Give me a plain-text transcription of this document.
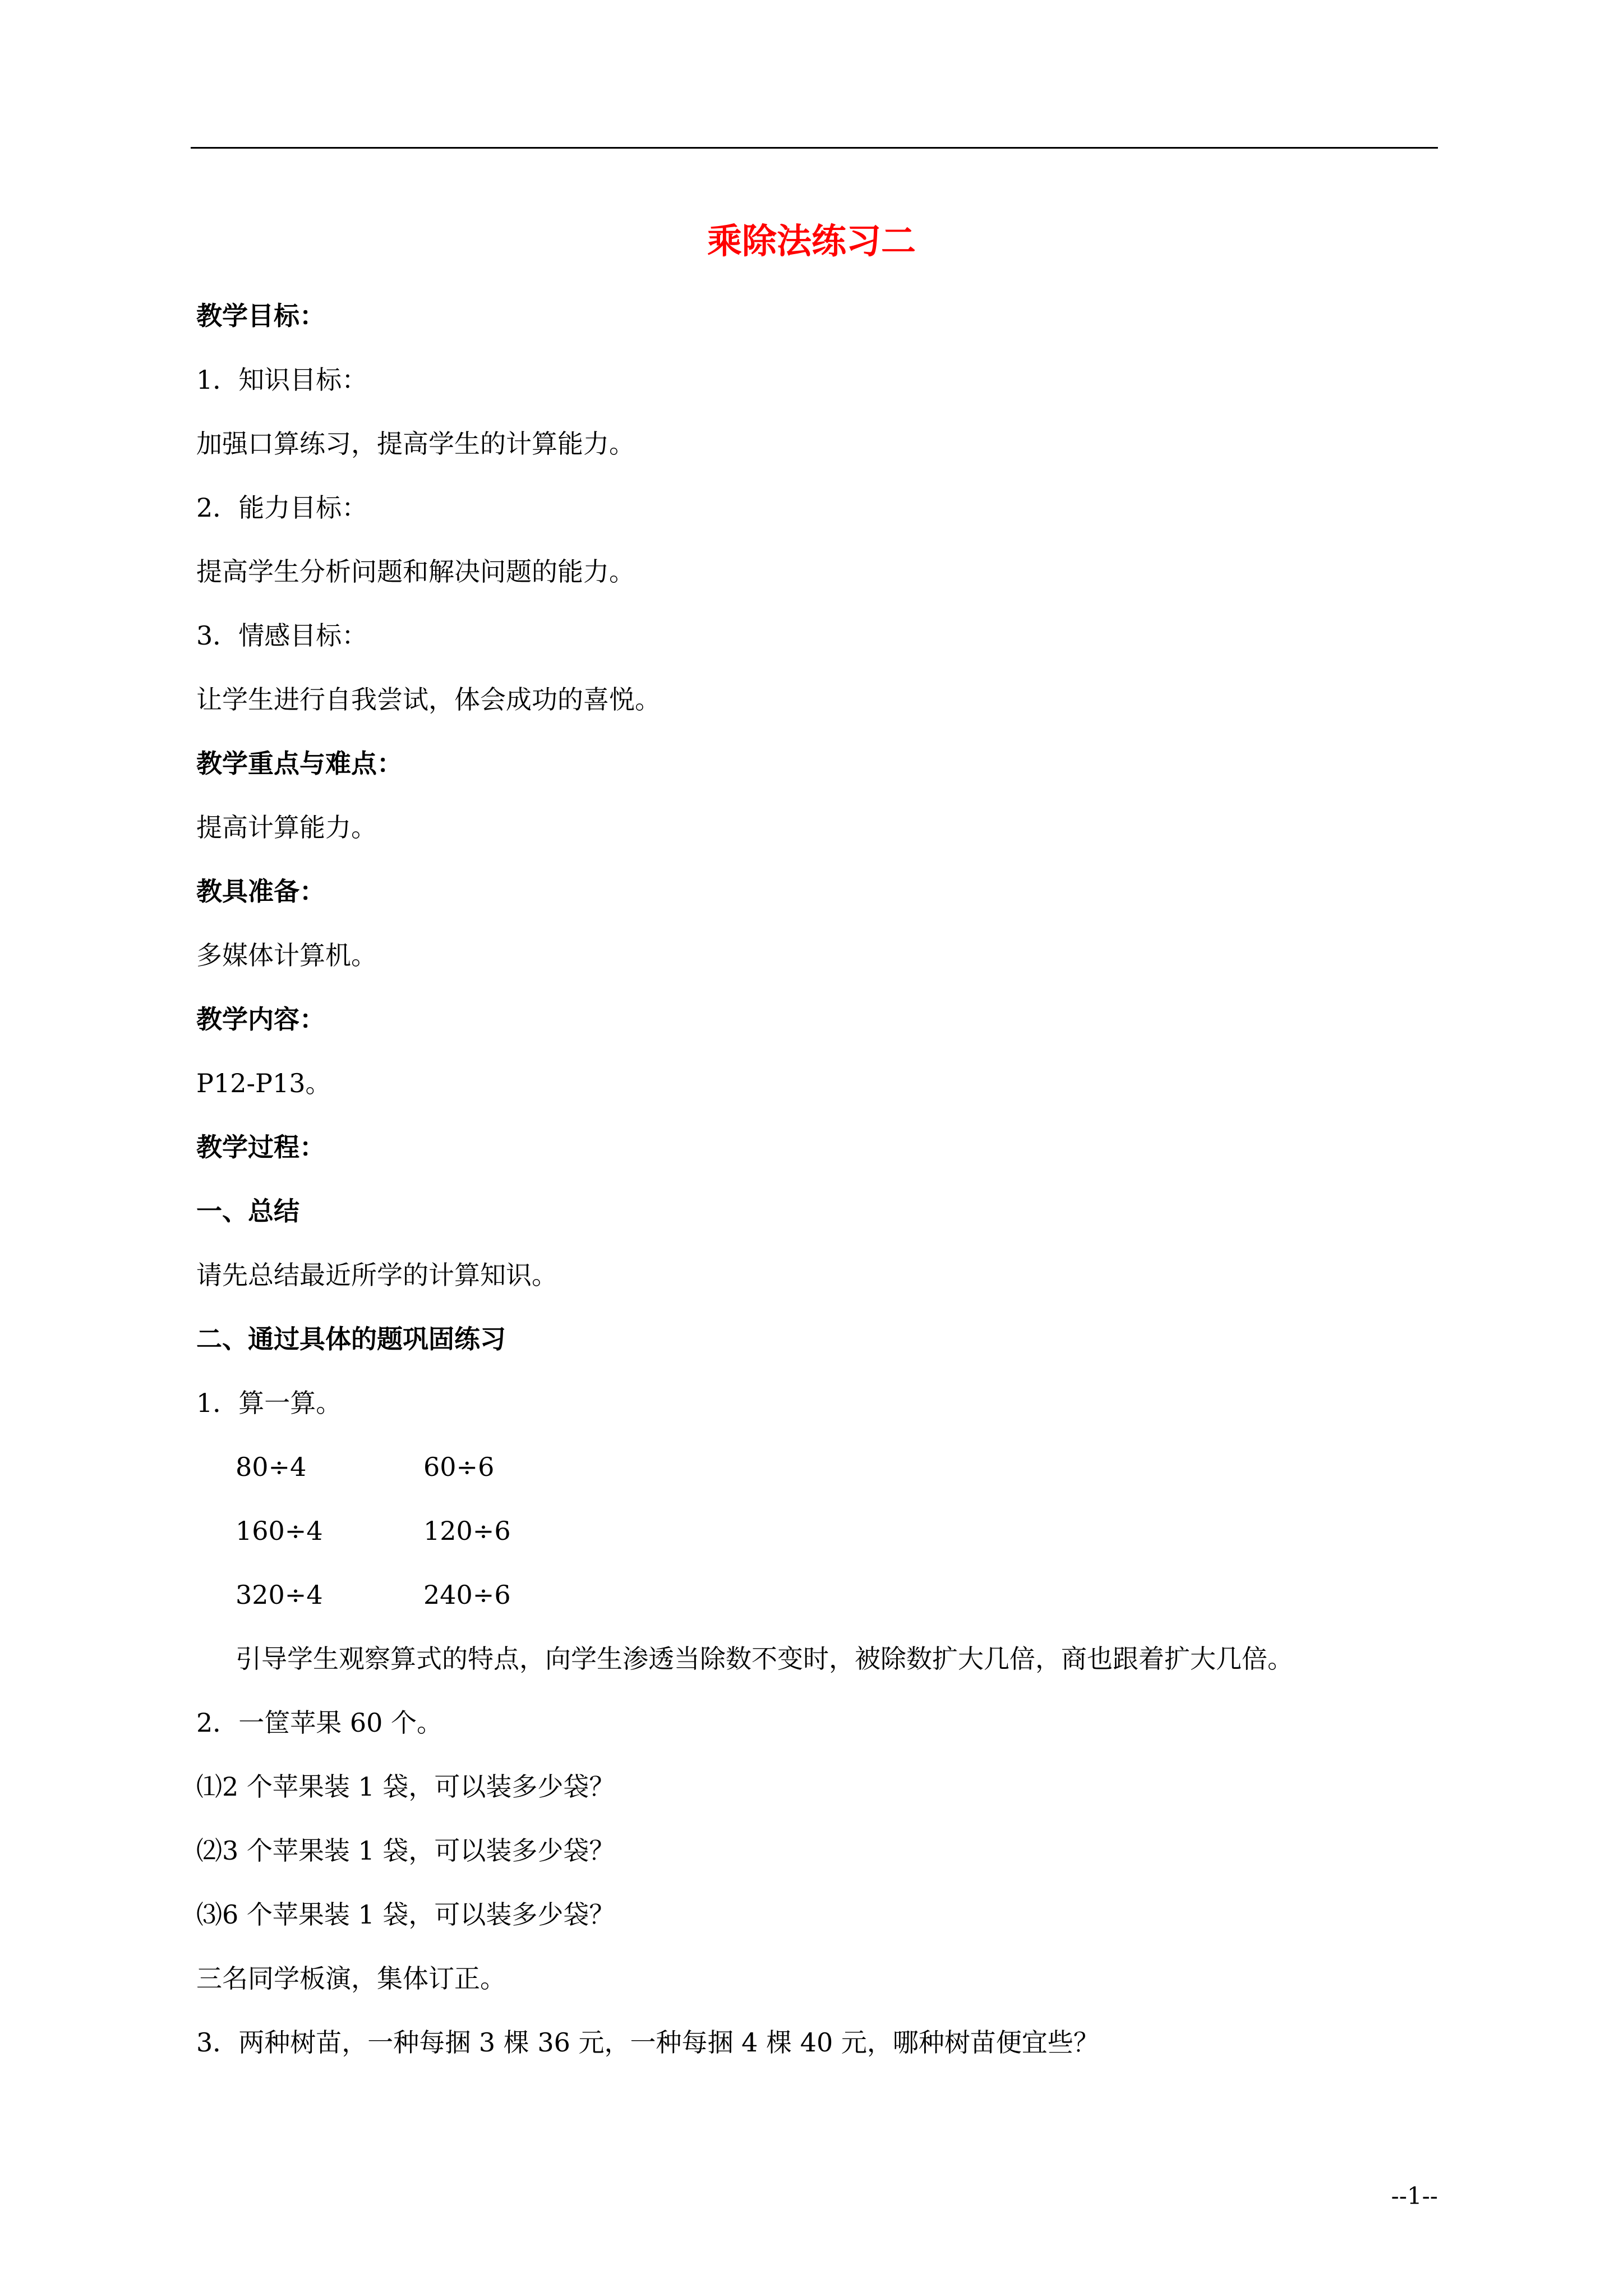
乘除法练习二
教学目标：
1．知识目标：
加强口算练习，提高学生的计算能力。
2．能力目标：
提高学生分析问题和解决问题的能力。
3．情感目标：
让学生进行自我尝试，体会成功的喜悦。
教学重点与难点：
提高计算能力。
教具准备：
多媒体计算机。
教学内容：
P12-P13。
教学过程：
一、总结
请先总结最近所学的计算知识。
二、通过具体的题巩固练习
1．算一算。
80÷4	60÷6
160÷4	120÷6
320÷4	240÷6
引导学生观察算式的特点，向学生渗透当除数不变时，被除数扩大几倍，商也跟着扩大几倍。
2．一筐苹果 60 个。
⑴2 个苹果装 1 袋，可以装多少袋？
⑵3 个苹果装 1 袋，可以装多少袋？
⑶6 个苹果装 1 袋，可以装多少袋？
三名同学板演，集体订正。
3．两种树苗，一种每捆 3 棵 36 元，一种每捆 4 棵 40 元，哪种树苗便宜些？
--1--
